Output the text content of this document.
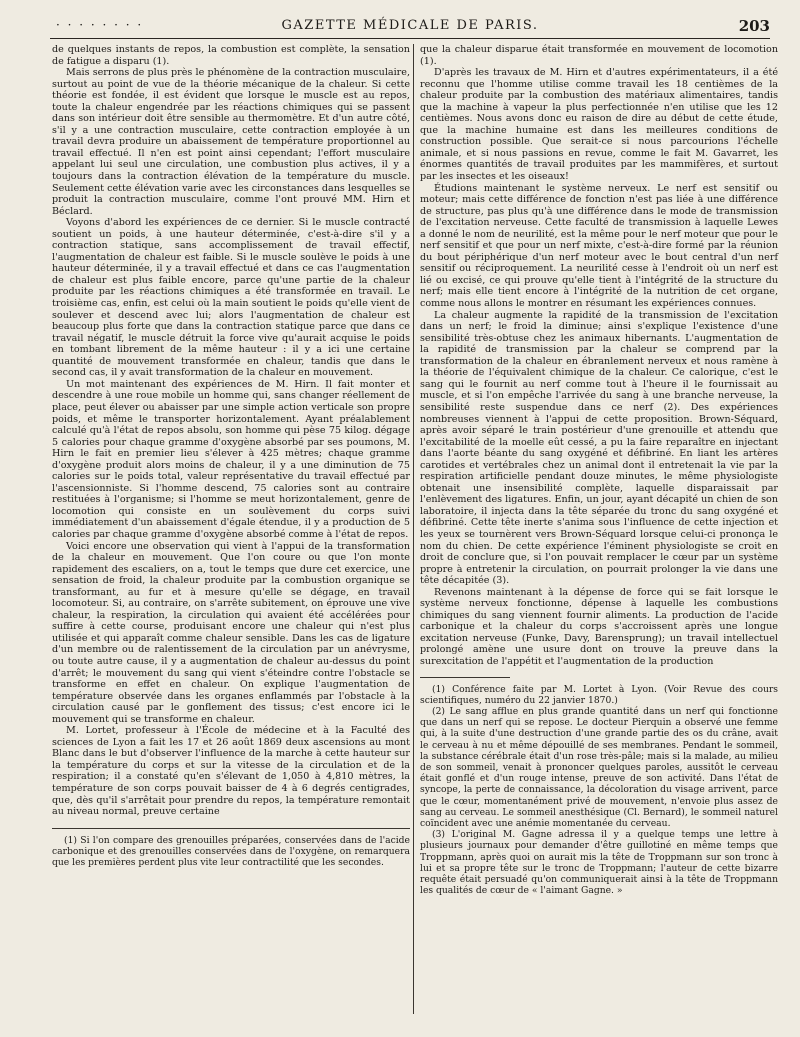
· · · · · · · ·	GAZETTE MÉDICALE DE PARIS.	203

de quelques instants de repos, la combustion est complète, la sensation de fatigue a disparu (1).

Mais serrons de plus près le phénomène de la contraction musculaire, surtout au point de vue de la théorie mécanique de la chaleur. Si cette théorie est fondée, il est évident que lorsque le muscle est au repos, toute la chaleur engendrée par les réactions chimiques qui se passent dans son intérieur doit être sensible au thermomètre. Et d'un autre côté, s'il y a une contraction musculaire, cette contraction employée à un travail devra produire un abaissement de température proportionnel au travail effectué. Il n'en est point ainsi cependant; l'effort musculaire appelant lui seul une circulation, une combustion plus actives, il y a toujours dans la contraction élévation de la température du muscle. Seulement cette élévation varie avec les circonstances dans lesquelles se produit la contraction musculaire, comme l'ont prouvé MM. Hirn et Béclard.

Voyons d'abord les expériences de ce dernier. Si le muscle contracté soutient un poids, à une hauteur déterminée, c'est-à-dire s'il y a contraction statique, sans accomplissement de travail effectif, l'augmentation de chaleur est faible. Si le muscle soulève le poids à une hauteur déterminée, il y a travail effectué et dans ce cas l'augmentation de chaleur est plus faible encore, parce qu'une partie de la chaleur produite par les réactions chimiques a été transformée en travail. Le troisième cas, enfin, est celui où la main soutient le poids qu'elle vient de soulever et descend avec lui; alors l'augmentation de chaleur est beaucoup plus forte que dans la contraction statique parce que dans ce travail négatif, le muscle détruit la force vive qu'aurait acquise le poids en tombant librement de la même hauteur : il y a ici une certaine quantité de mouvement transformée en chaleur, tandis que dans le second cas, il y avait transformation de la chaleur en mouvement.

Un mot maintenant des expériences de M. Hirn. Il fait monter et descendre à une roue mobile un homme qui, sans changer réellement de place, peut élever ou abaisser par une simple action verticale son propre poids, et même le transporter horizontalement. Ayant préalablement calculé qu'à l'état de repos absolu, son homme qui pèse 75 kilog. dégage 5 calories pour chaque gramme d'oxygène absorbé par ses poumons, M. Hirn le fait en premier lieu s'élever à 425 mètres; chaque gramme d'oxygène produit alors moins de chaleur, il y a une diminution de 75 calories sur le poids total, valeur représentative du travail effectué par l'ascensionniste. Si l'homme descend, 75 calories sont au contraire restituées à l'organisme; si l'homme se meut horizontalement, genre de locomotion qui consiste en un soulèvement du corps suivi immédiatement d'un abaissement d'égale étendue, il y a production de 5 calories par chaque gramme d'oxygène absorbé comme à l'état de repos.

Voici encore une observation qui vient à l'appui de la transformation de la chaleur en mouvement. Que l'on coure ou que l'on monte rapidement des escaliers, on a, tout le temps que dure cet exercice, une sensation de froid, la chaleur produite par la combustion organique se transformant, au fur et à mesure qu'elle se dégage, en travail locomoteur. Si, au contraire, on s'arrête subitement, on éprouve une vive chaleur, la respiration, la circulation qui avaient été accélérées pour suffire à cette course, produisant encore une chaleur qui n'est plus utilisée et qui apparaît comme chaleur sensible. Dans les cas de ligature d'un membre ou de ralentissement de la circulation par un anévrysme, ou toute autre cause, il y a augmentation de chaleur au-dessus du point d'arrêt; le mouvement du sang qui vient s'éteindre contre l'obstacle se transforme en effet en chaleur. On explique l'augmentation de température observée dans les organes enflammés par l'obstacle à la circulation causé par le gonflement des tissus; c'est encore ici le mouvement qui se transforme en chaleur.

M. Lortet, professeur à l'École de médecine et à la Faculté des sciences de Lyon a fait les 17 et 26 août 1869 deux ascensions au mont Blanc dans le but d'observer l'influence de la marche à cette hauteur sur la température du corps et sur la vitesse de la circulation et de la respiration; il a constaté qu'en s'élevant de 1,050 à 4,810 mètres, la température de son corps pouvait baisser de 4 à 6 degrés centigrades, que, dès qu'il s'arrêtait pour prendre du repos, la température remontait au niveau normal, preuve certaine

(1) Si l'on compare des grenouilles préparées, conservées dans de l'acide carbonique et des grenouilles conservées dans de l'oxygène, on remarquera que les premières perdent plus vite leur contractilité que les secondes.

que la chaleur disparue était transformée en mouvement de locomotion (1).

D'après les travaux de M. Hirn et d'autres expérimentateurs, il a été reconnu que l'homme utilise comme travail les 18 centièmes de la chaleur produite par la combustion des matériaux alimentaires, tandis que la machine à vapeur la plus perfectionnée n'en utilise que les 12 centièmes. Nous avons donc eu raison de dire au début de cette étude, que la machine humaine est dans les meilleures conditions de construction possible. Que serait-ce si nous parcourions l'échelle animale, et si nous passions en revue, comme le fait M. Gavarret, les énormes quantités de travail produites par les mammifères, et surtout par les insectes et les oiseaux!

Étudions maintenant le système nerveux. Le nerf est sensitif ou moteur; mais cette différence de fonction n'est pas liée à une différence de structure, pas plus qu'à une différence dans le mode de transmission de l'excitation nerveuse. Cette faculté de transmission à laquelle Lewes a donné le nom de neurilité, est la même pour le nerf moteur que pour le nerf sensitif et que pour un nerf mixte, c'est-à-dire formé par la réunion du bout périphérique d'un nerf moteur avec le bout central d'un nerf sensitif ou réciproquement. La neurilité cesse à l'endroit où un nerf est lié ou excisé, ce qui prouve qu'elle tient à l'intégrité de la structure du nerf; mais elle tient encore à l'intégrité de la nutrition de cet organe, comme nous allons le montrer en résumant les expériences connues.

La chaleur augmente la rapidité de la transmission de l'excitation dans un nerf; le froid la diminue; ainsi s'explique l'existence d'une sensibilité très-obtuse chez les animaux hibernants. L'augmentation de la rapidité de transmission par la chaleur se comprend par la transformation de la chaleur en ébranlement nerveux et nous ramène à la théorie de l'équivalent chimique de la chaleur. Ce calorique, c'est le sang qui le fournit au nerf comme tout à l'heure il le fournissait au muscle, et si l'on empêche l'arrivée du sang à une branche nerveuse, la sensibilité reste suspendue dans ce nerf (2). Des expériences nombreuses viennent à l'appui de cette proposition. Brown-Séquard, après avoir séparé le train postérieur d'une grenouille et attendu que l'excitabilité de la moelle eût cessé, a pu la faire reparaître en injectant dans l'aorte béante du sang oxygéné et défibriné. En liant les artères carotides et vertébrales chez un animal dont il entretenait la vie par la respiration artificielle pendant douze minutes, le même physiologiste obtenait une insensibilité complète, laquelle disparaissait par l'enlèvement des ligatures. Enfin, un jour, ayant décapité un chien de son laboratoire, il injecta dans la tête séparée du tronc du sang oxygéné et défibriné. Cette tête inerte s'anima sous l'influence de cette injection et les yeux se tournèrent vers Brown-Séquard lorsque celui-ci prononça le nom du chien. De cette expérience l'éminent physiologiste se croit en droit de conclure que, si l'on pouvait remplacer le cœur par un système propre à entretenir la circulation, on pourrait prolonger la vie dans une tête décapitée (3).

Revenons maintenant à la dépense de force qui se fait lorsque le système nerveux fonctionne, dépense à laquelle les combustions chimiques du sang viennent fournir aliments. La production de l'acide carbonique et la chaleur du corps s'accroissent après une longue excitation nerveuse (Funke, Davy, Barensprung); un travail intellectuel prolongé amène une usure dont on trouve la preuve dans la surexcitation de l'appétit et l'augmentation de la production

(1) Conférence faite par M. Lortet à Lyon. (Voir Revue des cours scientifiques, numéro du 22 janvier 1870.)

(2) Le sang afflue en plus grande quantité dans un nerf qui fonctionne que dans un nerf qui se repose. Le docteur Pierquin a observé une femme qui, à la suite d'une destruction d'une grande partie des os du crâne, avait le cerveau à nu et même dépouillé de ses membranes. Pendant le sommeil, la substance cérébrale était d'un rose très-pâle; mais si la malade, au milieu de son sommeil, venait à prononcer quelques paroles, aussitôt le cerveau était gonflé et d'un rouge intense, preuve de son activité. Dans l'état de syncope, la perte de connaissance, la décoloration du visage arrivent, parce que le cœur, momentanément privé de mouvement, n'envoie plus assez de sang au cerveau. Le sommeil anesthésique (Cl. Bernard), le sommeil naturel coïncident avec une anémie momentanée du cerveau.

(3) L'original M. Gagne adressa il y a quelque temps une lettre à plusieurs journaux pour demander d'être guillotiné en même temps que Troppmann, après quoi on aurait mis la tête de Troppmann sur son tronc à lui et sa propre tête sur le tronc de Troppmann; l'auteur de cette bizarre requête était persuadé qu'on communiquerait ainsi à la tête de Troppmann les qualités de cœur de « l'aimant Gagne. »
